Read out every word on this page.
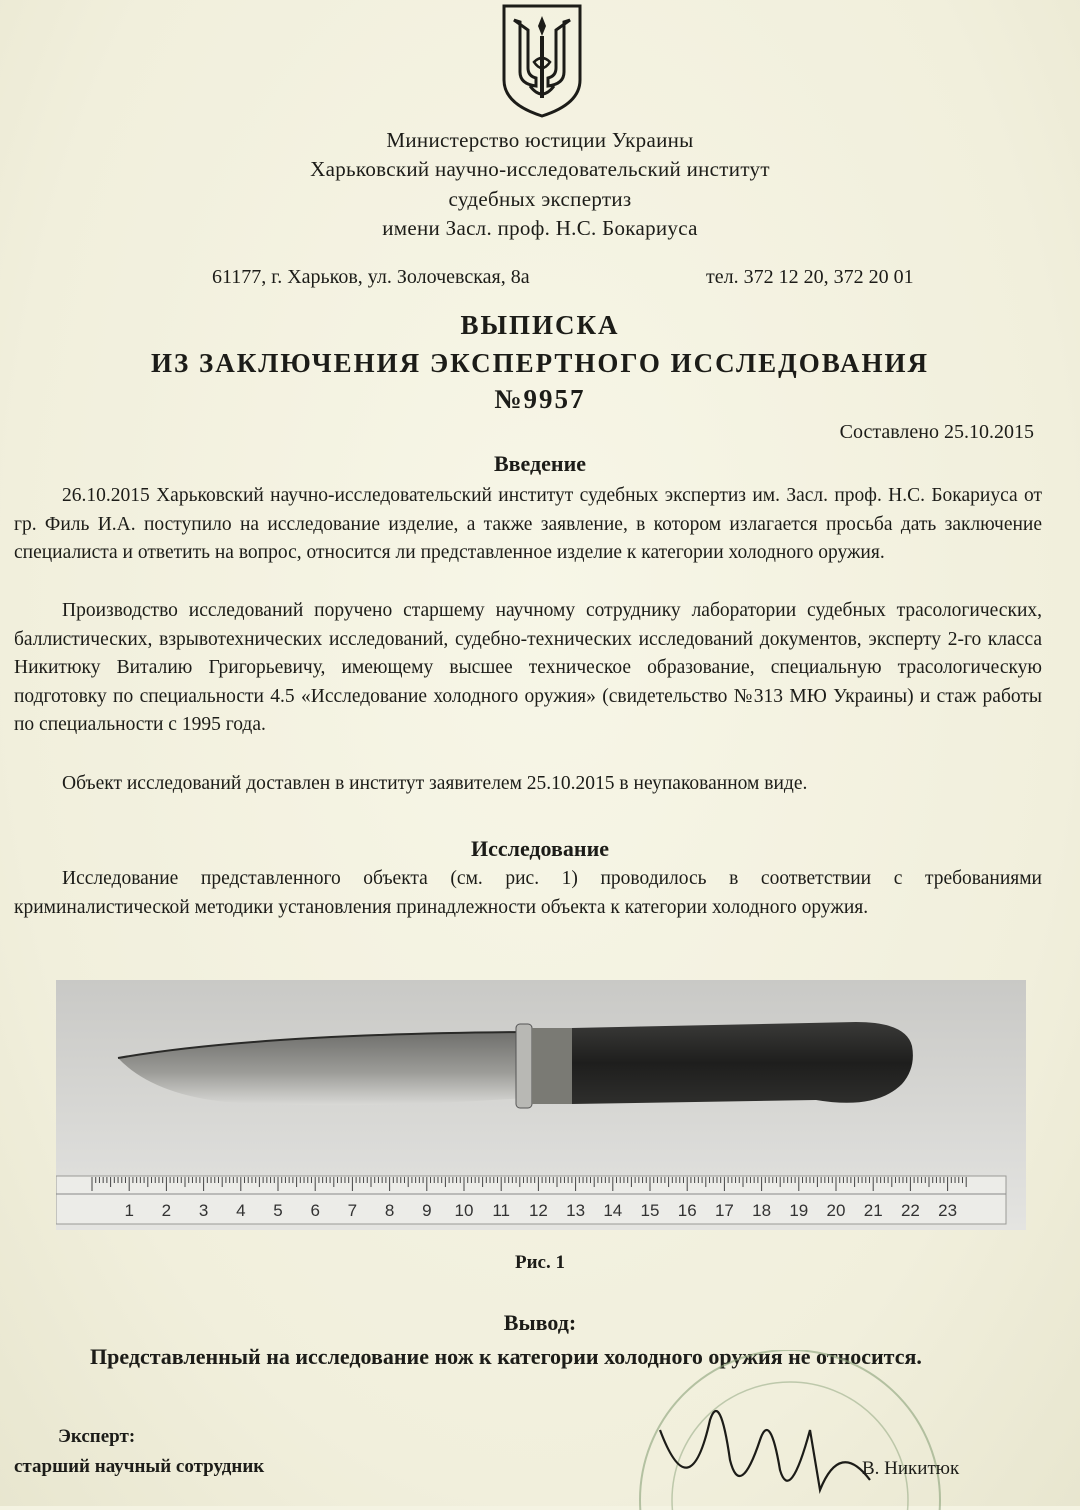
Министерство юстиции Украины
Харьковский научно-исследовательский институт
судебных экспертиз
имени Засл. проф. Н.С. Бокариуса
61177, г. Харьков, ул. Золочевская, 8а	тел. 372 12 20, 372 20 01
ВЫПИСКА
ИЗ ЗАКЛЮЧЕНИЯ ЭКСПЕРТНОГО ИССЛЕДОВАНИЯ
№9957
Составлено 25.10.2015
Введение
26.10.2015 Харьковский научно-исследовательский институт судебных экспертиз им. Засл. проф. Н.С. Бокариуса от гр. Филь И.А. поступило на исследование изделие, а также заявление, в котором излагается просьба дать заключение специалиста и ответить на вопрос, относится ли представленное изделие к категории холодного оружия.
Производство исследований поручено старшему научному сотруднику лаборатории судебных трасологических, баллистических, взрывотехнических исследований, судебно-технических исследований документов, эксперту 2-го класса Никитюку Виталию Григорьевичу, имеющему высшее техническое образование, специальную трасологическую подготовку по специальности 4.5 «Исследование холодного оружия» (свидетельство №313 МЮ Украины) и стаж работы по специальности с 1995 года.
Объект исследований доставлен в институт заявителем 25.10.2015 в неупакованном виде.
Исследование
Исследование представленного объекта (см. рис. 1) проводилось в соответствии с требованиями криминалистической методики установления принадлежности объекта к категории холодного оружия.
1 2 3 4 5 6 7 8 9 10 11 12 13 14 15 16 17 18 19 20 21 22 23
Рис. 1
Вывод:
Представленный на исследование нож к категории холодного оружия не относится.
Эксперт:
старший научный сотрудник	В. Никитюк
